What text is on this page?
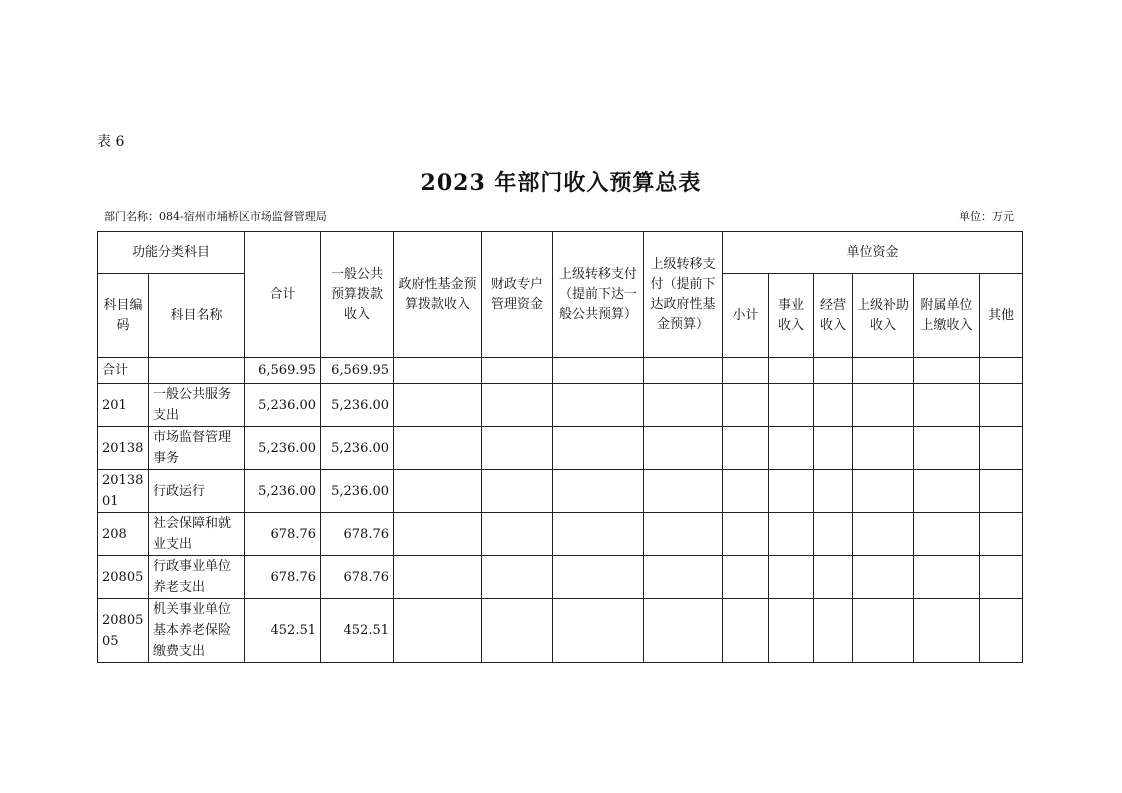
表 6
2023 年部门收入预算总表
部门名称：084-宿州市埇桥区市场监督管理局	单位：万元
功能分类科目		合计	一般公共预算拨款收入	政府性基金预算拨款收入	财政专户管理资金	上级转移支付（提前下达一般公共预算）	上级转移支付（提前下达政府性基金预算）	单位资金					
科目编码	科目名称							小计	事业收入	经营收入	上级补助收入	附属单位上缴收入	其他
合计		6,569.95	6,569.95										
201	一般公共服务支出	5,236.00	5,236.00										
20138	市场监督管理事务	5,236.00	5,236.00										
2013801	行政运行	5,236.00	5,236.00										
208	社会保障和就业支出	678.76	678.76										
20805	行政事业单位养老支出	678.76	678.76										
2080505	机关事业单位基本养老保险缴费支出	452.51	452.51										
